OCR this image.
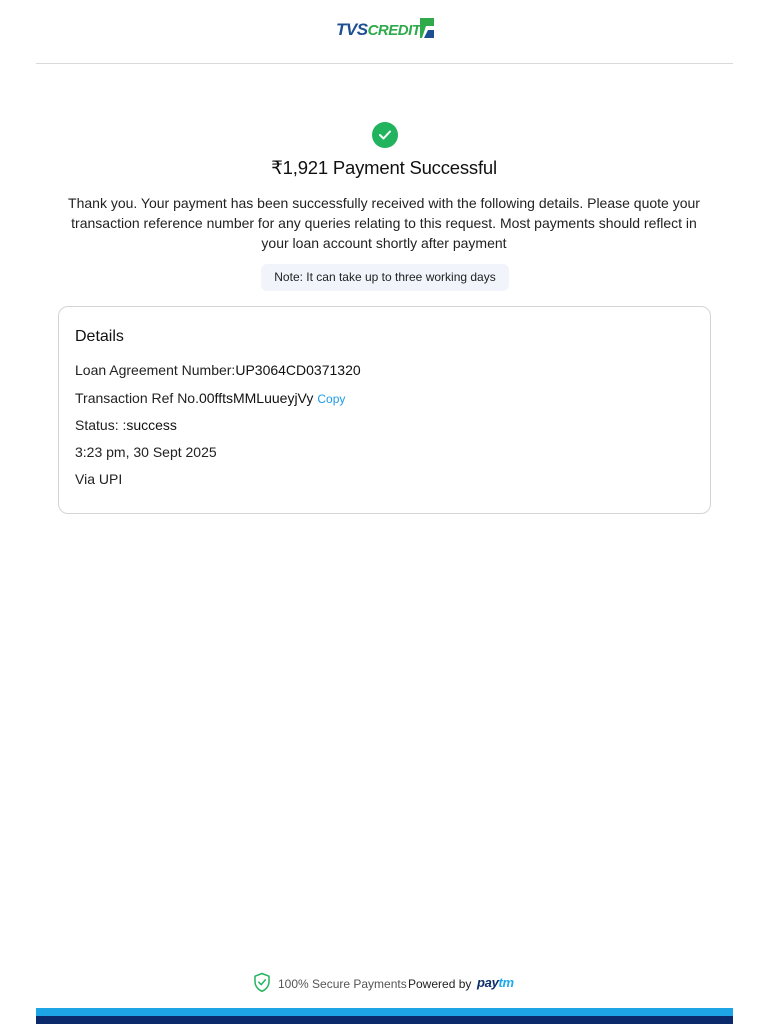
TVSCREDIT
₹1,921 Payment Successful
Thank you. Your payment has been successfully received with the following details. Please quote your transaction reference number for any queries relating to this request. Most payments should reflect in your loan account shortly after payment
Note: It can take up to three working days
Details
Loan Agreement Number:UP3064CD0371320
Transaction Ref No.00fftsMMLuueyjVy Copy
Status: :success
3:23 pm, 30 Sept 2025
Via UPI
100% Secure Payments Powered by paytm
